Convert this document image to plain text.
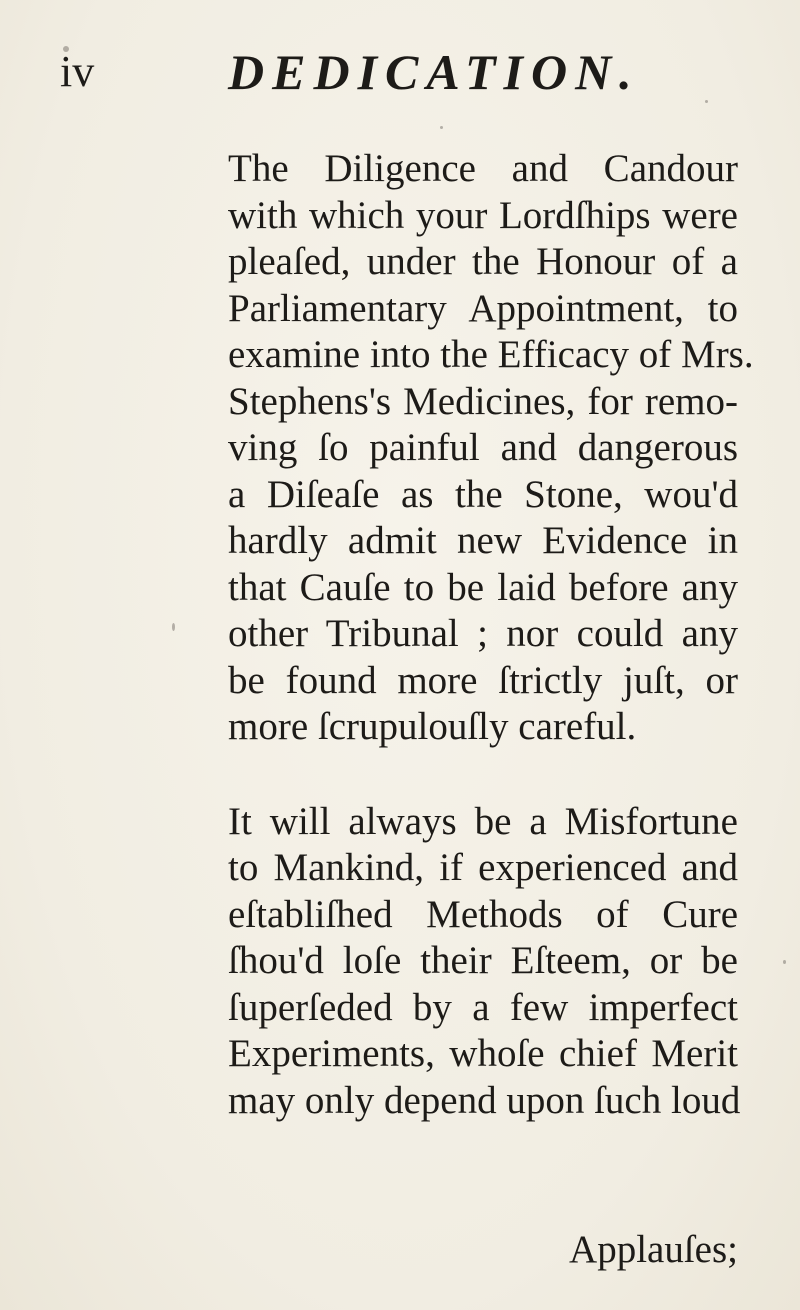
iv	DEDICATION.

The Diligence and Candour
with which your Lordſhips were
pleaſed, under the Honour of a
Parliamentary Appointment, to
examine into the Efficacy of Mrs.
Stephens's Medicines, for remo-
ving ſo painful and dangerous
a Diſeaſe as the Stone, wou'd
hardly admit new Evidence in
that Cauſe to be laid before any
other Tribunal ; nor could any
be found more ſtrictly juſt, or
more ſcrupulouſly careful.

It will always be a Misfortune
to Mankind, if experienced and
eſtabliſhed Methods of Cure
ſhou'd loſe their Eſteem, or be
ſuperſeded by a few imperfect
Experiments, whoſe chief Merit
may only depend upon ſuch loud

Applauſes;
